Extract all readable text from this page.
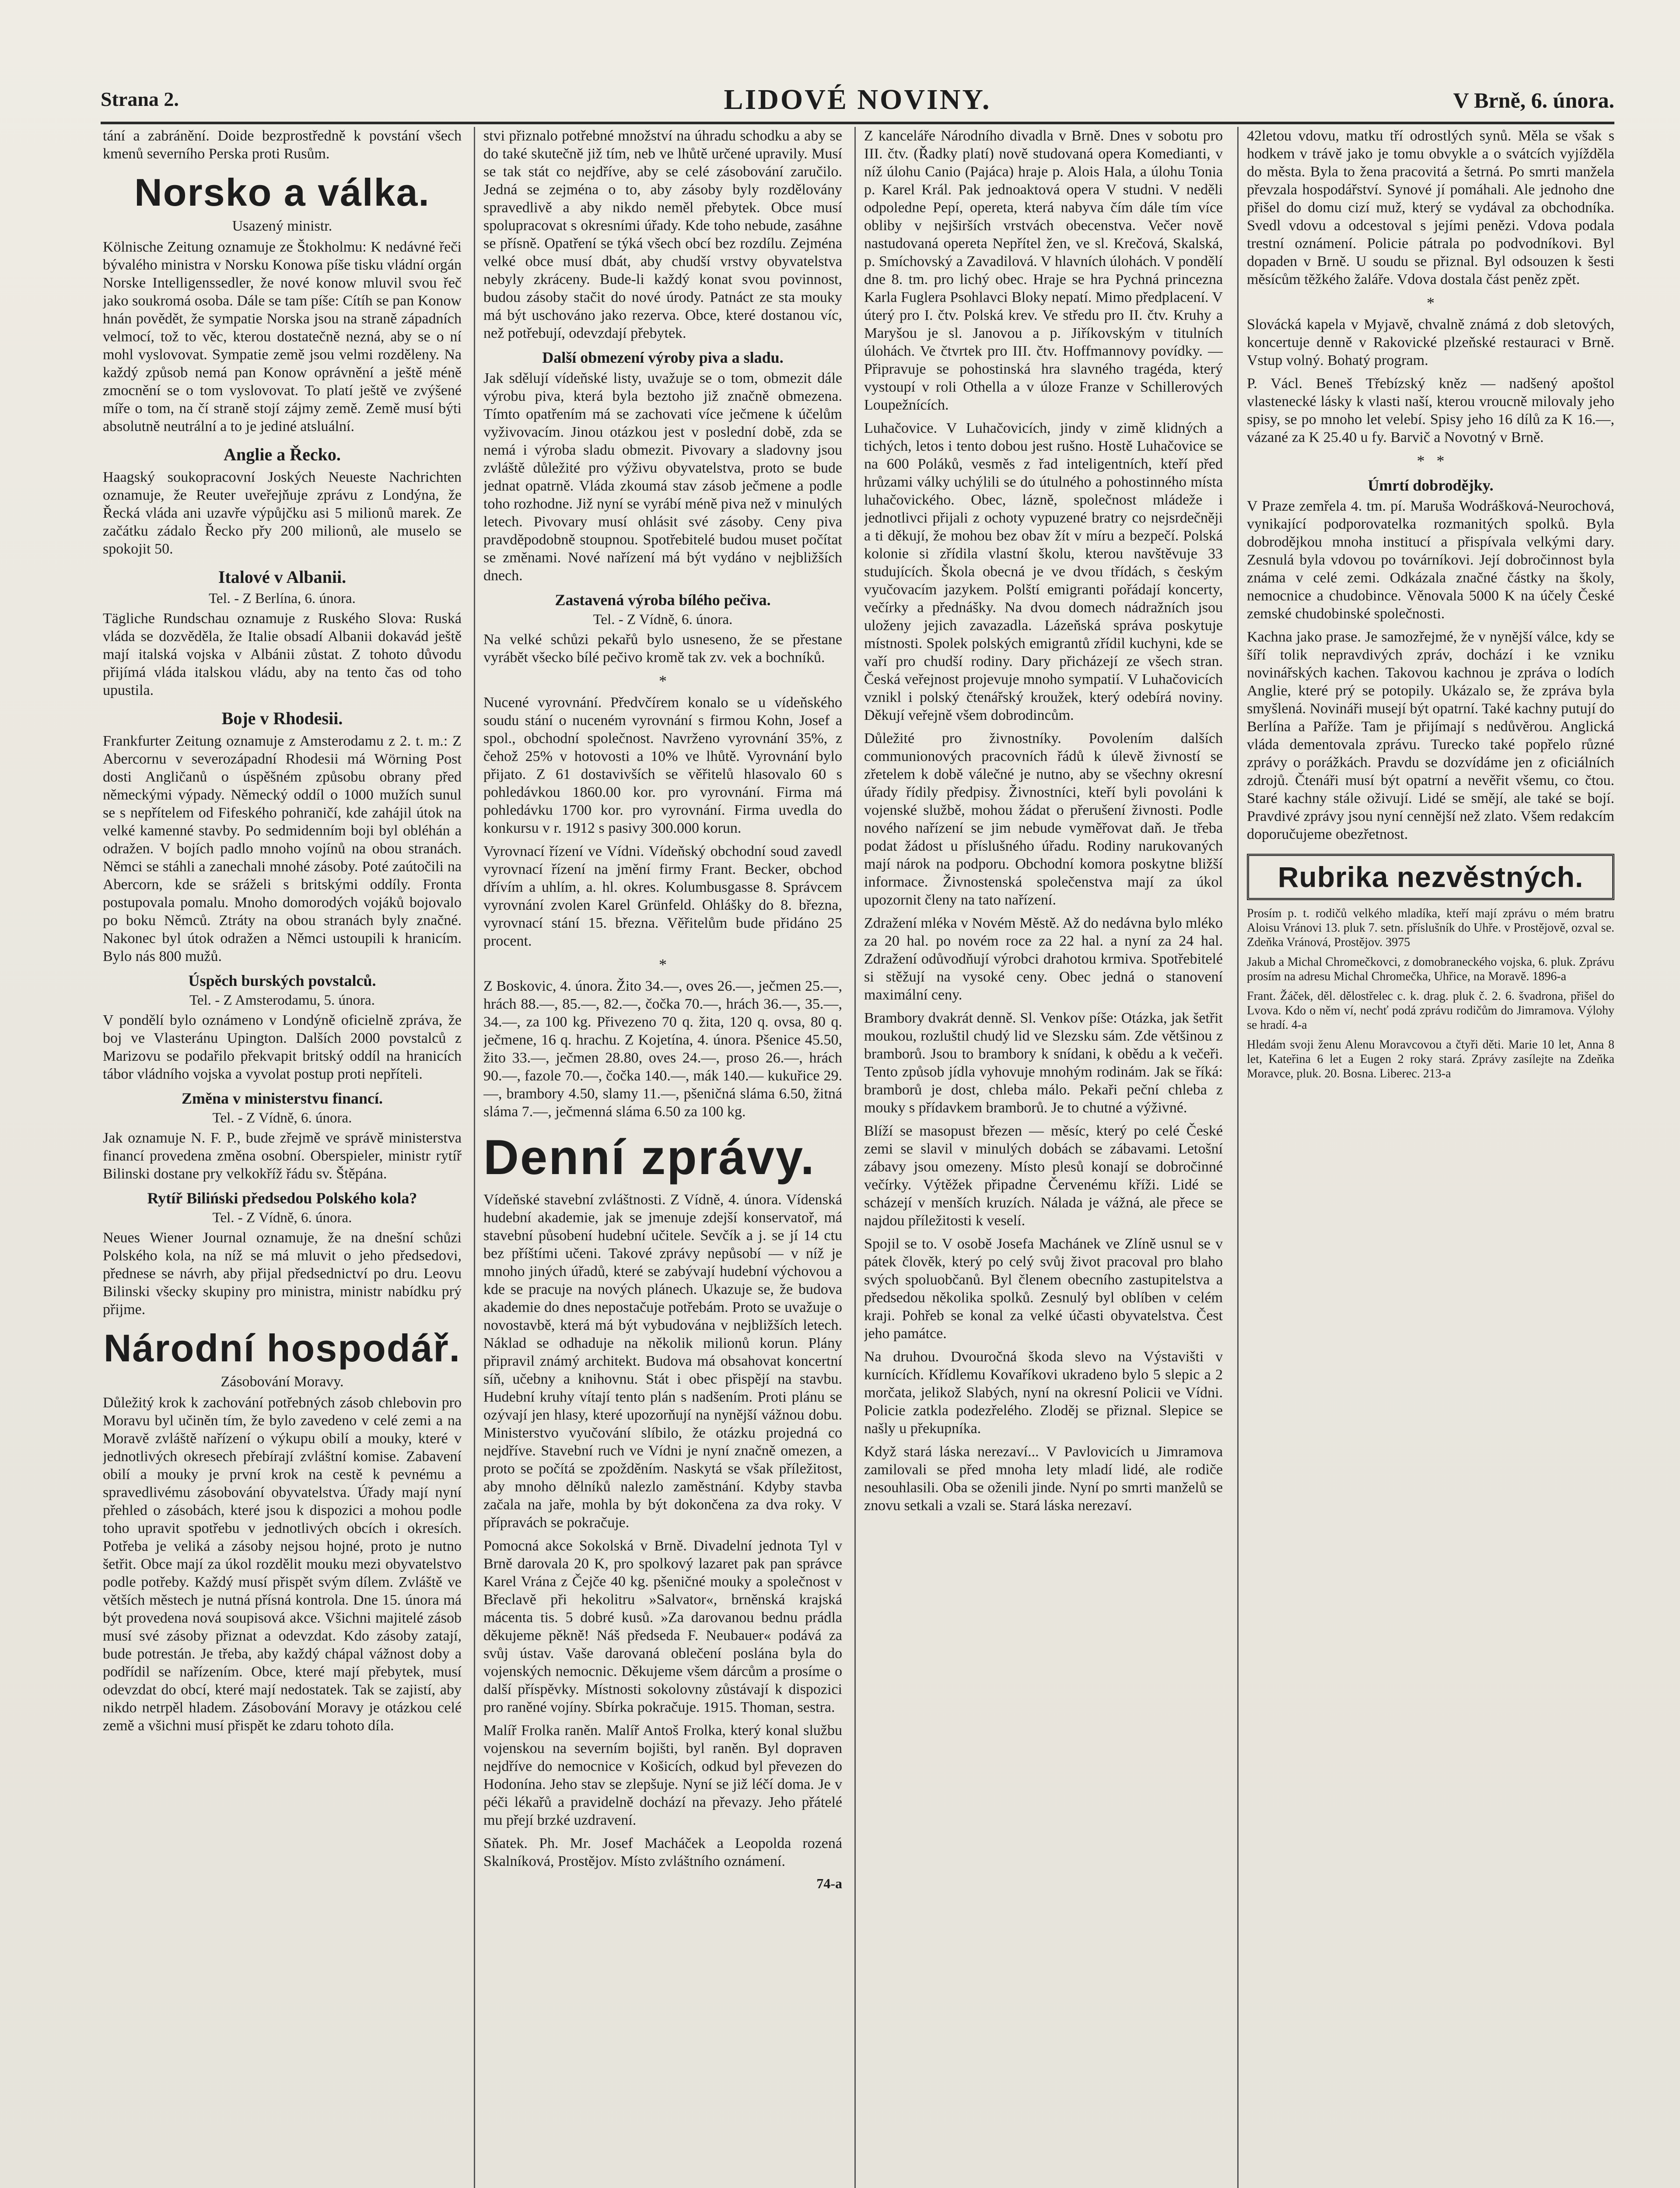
Strana 2.	LIDOVÉ NOVINY.	V Brně, 6. února.

tání a zabránění. Doide bezprostředně k povstání všech kmenů severního Perska proti Rusům.

Norsko a válka.
Usazený ministr.

Kölnische Zeitung oznamuje ze Štokholmu: K nedávné řeči bývalého ministra v Norsku Konowa píše tisku vládní orgán Norske Intelligenssedler, že nové konow mluvil svou řeč jako soukromá osoba. Dále se tam píše: Cítíh se pan Konow hnán povědět, že sympatie Norska jsou na straně západních velmocí, tož to věc, kterou dostatečně nezná, aby se o ní mohl vyslovovat. Sympatie země jsou velmi rozděleny. Na každý způsob nemá pan Konow oprávnění a ještě méně zmocnění se o tom vyslovovat. To platí ještě ve zvýšené míře o tom, na čí straně stojí zájmy země. Země musí býti absolutně neutrální a to je jediné atsluální.

Anglie a Řecko.

Haagský soukopracovní Joských Neueste Nachrichten oznamuje, že Reuter uveřejňuje zprávu z Londýna, že Řecká vláda ani uzavře výpůjčku asi 5 milionů marek. Ze začátku zádalo Řecko přy 200 milionů, ale muselo se spokojit 50.

Italové v Albanii.
Tel. - Z Berlína, 6. února.

Tägliche Rundschau oznamuje z Ruského Slova: Ruská vláda se dozvěděla, že Italie obsadí Albanii dokavád ještě mají italská vojska v Albánii zůstat. Z tohoto důvodu přijímá vláda italskou vládu, aby na tento čas od toho upustila.

Boje v Rhodesii.

Frankfurter Zeitung oznamuje z Amsterodamu z 2. t. m.: Z Abercornu v severozápadní Rhodesii má Wörning Post dosti Angličanů o úspěšném způsobu obrany před německými výpady. Německý oddíl o 1000 mužích sunul se s nepřítelem od Fifeského pohraničí, kde zahájil útok na velké kamenné stavby. Po sedmidenním boji byl obléhán a odražen. V bojích padlo mnoho vojínů na obou stranách. Němci se stáhli a zanechali mnohé zásoby. Poté zaútočili na Abercorn, kde se sráželi s britskými oddíly. Fronta postupovala pomalu. Mnoho domorodých vojáků bojovalo po boku Němců. Ztráty na obou stranách byly značné. Nakonec byl útok odražen a Němci ustoupili k hranicím. Bylo nás 800 mužů.

Úspěch burských povstalců.
Tel. - Z Amsterodamu, 5. února.

V pondělí bylo oznámeno v Londýně oficielně zpráva, že boj ve Vlasteránu Upington. Dalších 2000 povstalců z Marizovu se podařilo překvapit britský oddíl na hranicích tábor vládního vojska a vyvolat postup proti nepříteli.

Změna v ministerstvu financí.
Tel. - Z Vídně, 6. února.

Jak oznamuje N. F. P., bude zřejmě ve správě ministerstva financí provedena změna osobní. Oberspieler, ministr rytíř Bilinski dostane pry velkokříž řádu sv. Štěpána.

Rytíř Biliński předsedou Polského kola?
Tel. - Z Vídně, 6. února.

Neues Wiener Journal oznamuje, že na dnešní schůzi Polského kola, na níž se má mluvit o jeho předsedovi, přednese se návrh, aby přijal předsednictví po dru. Leovu Bilinski všecky skupiny pro ministra, ministr nabídku prý přijme.

Národní hospodář.
Zásobování Moravy.

Důležitý krok k zachování potřebných zásob chlebovin pro Moravu byl učiněn tím, že bylo zavedeno v celé zemi a na Moravě zvláště nařízení o výkupu obilí a mouky, které v jednotlivých okresech přebírají zvláštní komise. Zabavení obilí a mouky je první krok na cestě k pevnému a spravedlivému zásobování obyvatelstva. Úřady mají nyní přehled o zásobách, které jsou k dispozici a mohou podle toho upravit spotřebu v jednotlivých obcích i okresích. Potřeba je veliká a zásoby nejsou hojné, proto je nutno šetřit. Obce mají za úkol rozdělit mouku mezi obyvatelstvo podle potřeby. Každý musí přispět svým dílem. Zvláště ve větších městech je nutná přísná kontrola. Dne 15. února má být provedena nová soupisová akce. Všichni majitelé zásob musí své zásoby přiznat a odevzdat. Kdo zásoby zatají, bude potrestán. Je třeba, aby každý chápal vážnost doby a podřídil se nařízením. Obce, které mají přebytek, musí odevzdat do obcí, které mají nedostatek. Tak se zajistí, aby nikdo netrpěl hladem. Zásobování Moravy je otázkou celé země a všichni musí přispět ke zdaru tohoto díla.

stvi přiznalo potřebné množství na úhradu schodku a aby se do také skutečně již tím, neb ve lhůtě určené upravily. Musí se tak stát co nejdříve, aby se celé zásobování zaručilo. Jedná se zejména o to, aby zásoby byly rozdělovány spravedlivě a aby nikdo neměl přebytek. Obce musí spolupracovat s okresními úřady. Kde toho nebude, zasáhne se přísně. Opatření se týká všech obcí bez rozdílu. Zejména velké obce musí dbát, aby chudší vrstvy obyvatelstva nebyly zkráceny. Bude-li každý konat svou povinnost, budou zásoby stačit do nové úrody. Patnáct ze sta mouky má být uschováno jako rezerva. Obce, které dostanou víc, než potřebují, odevzdají přebytek.

Další obmezení výroby piva a sladu.

Jak sdělují vídeňské listy, uvažuje se o tom, obmezit dále výrobu piva, která byla beztoho již značně obmezena. Tímto opatřením má se zachovati více ječmene k účelům vyživovacím. Jinou otázkou jest v poslední době, zda se nemá i výroba sladu obmezit. Pivovary a sladovny jsou zvláště důležité pro výživu obyvatelstva, proto se bude jednat opatrně. Vláda zkoumá stav zásob ječmene a podle toho rozhodne. Již nyní se vyrábí méně piva než v minulých letech. Pivovary musí ohlásit své zásoby. Ceny piva pravděpodobně stoupnou. Spotřebitelé budou muset počítat se změnami. Nové nařízení má být vydáno v nejbližších dnech.

Zastavená výroba bílého pečiva.
Tel. - Z Vídně, 6. února.

Na velké schůzi pekařů bylo usneseno, že se přestane vyrábět všecko bílé pečivo kromě tak zv. vek a bochníků.

*

Nucené vyrovnání. Předvčírem konalo se u vídeňského soudu stání o nuceném vyrovnání s firmou Kohn, Josef a spol., obchodní společnost. Navrženo vyrovnání 35%, z čehož 25% v hotovosti a 10% ve lhůtě. Vyrovnání bylo přijato. Z 61 dostavivších se věřitelů hlasovalo 60 s pohledávkou 1860.00 kor. pro vyrovnání. Firma má pohledávku 1700 kor. pro vyrovnání. Firma uvedla do konkursu v r. 1912 s pasivy 300.000 korun.

Vyrovnací řízení ve Vídni. Vídeňský obchodní soud zavedl vyrovnací řízení na jmění firmy Frant. Becker, obchod dřívím a uhlím, a. hl. okres. Kolumbusgasse 8. Správcem vyrovnání zvolen Karel Grünfeld. Ohlášky do 8. března, vyrovnací stání 15. března. Věřitelům bude přidáno 25 procent.

*

Z Boskovic, 4. února. Žito 34.—, oves 26.—, ječmen 25.—, hrách 88.—, 85.—, 82.—, čočka 70.—, hrách 36.—, 35.—, 34.—, za 100 kg. Přivezeno 70 q. žita, 120 q. ovsa, 80 q. ječmene, 16 q. hrachu. Z Kojetína, 4. února. Pšenice 45.50, žito 33.—, ječmen 28.80, oves 24.—, proso 26.—, hrách 90.—, fazole 70.—, čočka 140.—, mák 140.— kukuřice 29.—, brambory 4.50, slamy 11.—, pšeničná sláma 6.50, žitná sláma 7.—, ječmenná sláma 6.50 za 100 kg.

Denní zprávy.

Vídeňské stavební zvláštnosti. Z Vídně, 4. února. Vídenská hudební akademie, jak se jmenuje zdejší konservatoř, má stavební působení hudební učitele. Sevčík a j. se jí 14 ctu bez příštími učeni. Takové zprávy nepůsobí — v níž je mnoho jiných úřadů, které se zabývají hudební výchovou a kde se pracuje na nových plánech. Ukazuje se, že budova akademie do dnes nepostačuje potřebám. Proto se uvažuje o novostavbě, která má být vybudována v nejbližších letech. Náklad se odhaduje na několik milionů korun. Plány připravil známý architekt. Budova má obsahovat koncertní síň, učebny a knihovnu. Stát i obec přispějí na stavbu. Hudební kruhy vítají tento plán s nadšením. Proti plánu se ozývají jen hlasy, které upozorňují na nynější vážnou dobu. Ministerstvo vyučování slíbilo, že otázku projedná co nejdříve. Stavební ruch ve Vídni je nyní značně omezen, a proto se počítá se zpožděním. Naskytá se však příležitost, aby mnoho dělníků nalezlo zaměstnání. Kdyby stavba začala na jaře, mohla by být dokončena za dva roky. V přípravách se pokračuje.

Pomocná akce Sokolská v Brně. Divadelní jednota Tyl v Brně darovala 20 K, pro spolkový lazaret pak pan správce Karel Vrána z Čejče 40 kg. pšeničné mouky a společnost v Břeclavě při hekolitru »Salvator«, brněnská krajská mácenta tis. 5 dobré kusů. »Za darovanou bednu prádla děkujeme pěkně! Náš předseda F. Neubauer« podává za svůj ústav. Vaše darovaná oblečení poslána byla do vojenských nemocnic. Děkujeme všem dárcům a prosíme o další příspěvky. Místnosti sokolovny zůstávají k dispozici pro raněné vojíny. Sbírka pokračuje. 1915. Thoman, sestra.

Malíř Frolka raněn. Malíř Antoš Frolka, který konal službu vojenskou na severním bojišti, byl raněn. Byl dopraven nejdříve do nemocnice v Košicích, odkud byl převezen do Hodonína. Jeho stav se zlepšuje. Nyní se již léčí doma. Je v péči lékařů a pravidelně dochází na převazy. Jeho přátelé mu přejí brzké uzdravení.

Sňatek. Ph. Mr. Josef Macháček a Leopolda rozená Skalníková, Prostějov. Místo zvláštního oznámení.

74-a

Z kanceláře Národního divadla v Brně. Dnes v sobotu pro III. čtv. (Řadky platí) nově studovaná opera Komedianti, v níž úlohu Canio (Pajáca) hraje p. Alois Hala, a úlohu Tonia p. Karel Král. Pak jednoaktová opera V studni. V neděli odpoledne Pepí, opereta, která nabyva čím dále tím více obliby v nejširších vrstvách obecenstva. Večer nově nastudovaná opereta Nepřítel žen, ve sl. Krečová, Skalská, p. Smíchovský a Zavadilová. V hlavních úlohách. V pondělí dne 8. tm. pro lichý obec. Hraje se hra Pychná princezna Karla Fuglera Psohlavci Bloky nepatí. Mimo předplacení. V úterý pro I. čtv. Polská krev. Ve středu pro II. čtv. Kruhy a Maryšou je sl. Janovou a p. Jiříkovským v titulních úlohách. Ve čtvrtek pro III. čtv. Hoffmannovy povídky. — Připravuje se pohostinská hra slavného tragéda, který vystoupí v roli Othella a v úloze Franze v Schillerových Loupežnících.

Luhačovice. V Luhačovicích, jindy v zimě klidných a tichých, letos i tento dobou jest rušno. Hostě Luhačovice se na 600 Poláků, vesměs z řad inteligentních, kteří před hrůzami války uchýlili se do útulného a pohostinného místa luhačovického. Obec, lázně, společnost mládeže i jednotlivci přijali z ochoty vypuzené bratry co nejsrdečněji a ti děkují, že mohou bez obav žít v míru a bezpečí. Polská kolonie si zřídila vlastní školu, kterou navštěvuje 33 studujících. Škola obecná je ve dvou třídách, s českým vyučovacím jazykem. Polští emigranti pořádají koncerty, večírky a přednášky. Na dvou domech nádražních jsou uloženy jejich zavazadla. Lázeňská správa poskytuje místnosti. Spolek polských emigrantů zřídil kuchyni, kde se vaří pro chudší rodiny. Dary přicházejí ze všech stran. Česká veřejnost projevuje mnoho sympatií. V Luhačovicích vznikl i polský čtenářský kroužek, který odebírá noviny. Děkují veřejně všem dobrodincům.

Důležité pro živnostníky. Povolením dalších communionových pracovních řádů k úlevě živností se zřetelem k době válečné je nutno, aby se všechny okresní úřady řídily předpisy. Živnostníci, kteří byli povoláni k vojenské službě, mohou žádat o přerušení živnosti. Podle nového nařízení se jim nebude vyměřovat daň. Je třeba podat žádost u příslušného úřadu. Rodiny narukovaných mají nárok na podporu. Obchodní komora poskytne bližší informace. Živnostenská společenstva mají za úkol upozornit členy na tato nařízení.

Zdražení mléka v Novém Městě. Až do nedávna bylo mléko za 20 hal. po novém roce za 22 hal. a nyní za 24 hal. Zdražení odůvodňují výrobci drahotou krmiva. Spotřebitelé si stěžují na vysoké ceny. Obec jedná o stanovení maximální ceny.

Brambory dvakrát denně. Sl. Venkov píše: Otázka, jak šetřit moukou, rozluštil chudý lid ve Slezsku sám. Zde většinou z bramborů. Jsou to brambory k snídani, k obědu a k večeři. Tento způsob jídla vyhovuje mnohým rodinám. Jak se říká: bramborů je dost, chleba málo. Pekaři peční chleba z mouky s přídavkem bramborů. Je to chutné a výživné.

Blíží se masopust březen — měsíc, který po celé České zemi se slavil v minulých dobách se zábavami. Letošní zábavy jsou omezeny. Místo plesů konají se dobročinné večírky. Výtěžek připadne Červenému kříži. Lidé se scházejí v menších kruzích. Nálada je vážná, ale přece se najdou příležitosti k veselí.

Spojil se to. V osobě Josefa Machánek ve Zlíně usnul se v pátek člověk, který po celý svůj život pracoval pro blaho svých spoluobčanů. Byl členem obecního zastupitelstva a předsedou několika spolků. Zesnulý byl oblíben v celém kraji. Pohřeb se konal za velké účasti obyvatelstva. Čest jeho památce.

Na druhou. Dvouročná škoda slevo na Výstavišti v kurnících. Křídlemu Kovaříkovi ukradeno bylo 5 slepic a 2 morčata, jelikož Slabých, nyní na okresní Policii ve Vídni. Policie zatkla podezřelého. Zloděj se přiznal. Slepice se našly u překupníka.

Když stará láska nerezaví... V Pavlovicích u Jimramova zamilovali se před mnoha lety mladí lidé, ale rodiče nesouhlasili. Oba se oženili jinde. Nyní po smrti manželů se znovu setkali a vzali se. Stará láska nerezaví.

42letou vdovu, matku tří odrostlých synů. Měla se však s hodkem v trávě jako je tomu obvykle a o svátcích vyjížděla do města. Byla to žena pracovitá a šetrná. Po smrti manžela převzala hospodářství. Synové jí pomáhali. Ale jednoho dne přišel do domu cizí muž, který se vydával za obchodníka. Svedl vdovu a odcestoval s jejími penězi. Vdova podala trestní oznámení. Policie pátrala po podvodníkovi. Byl dopaden v Brně. U soudu se přiznal. Byl odsouzen k šesti měsícům těžkého žaláře. Vdova dostala část peněz zpět.

*

Slovácká kapela v Myjavě, chvalně známá z dob sletových, koncertuje denně v Rakovické plzeňské restauraci v Brně. Vstup volný. Bohatý program.

P. Václ. Beneš Třebízský kněz — nadšený apoštol vlastenecké lásky k vlasti naší, kterou vroucně milovaly jeho spisy, se po mnoho let velebí. Spisy jeho 16 dílů za K 16.—, vázané za K 25.40 u fy. Barvič a Novotný v Brně.

*   *
Úmrtí dobrodějky.

V Praze zemřela 4. tm. pí. Maruša Wodrášková-Neurochová, vynikající podporovatelka rozmanitých spolků. Byla dobrodějkou mnoha institucí a přispívala velkými dary. Zesnulá byla vdovou po továrníkovi. Její dobročinnost byla známa v celé zemi. Odkázala značné částky na školy, nemocnice a chudobince. Věnovala 5000 K na účely České zemské chudobinské společnosti.

Kachna jako prase. Je samozřejmé, že v nynější válce, kdy se šíří tolik nepravdivých zpráv, dochází i ke vzniku novinářských kachen. Takovou kachnou je zpráva o lodích Anglie, které prý se potopily. Ukázalo se, že zpráva byla smyšlená. Novináři musejí být opatrní. Také kachny putují do Berlína a Paříže. Tam je přijímají s nedůvěrou. Anglická vláda dementovala zprávu. Turecko také popřelo různé zprávy o porážkách. Pravdu se dozvídáme jen z oficiálních zdrojů. Čtenáři musí být opatrní a nevěřit všemu, co čtou. Staré kachny stále oživují. Lidé se smějí, ale také se bojí. Pravdivé zprávy jsou nyní cennější než zlato. Všem redakcím doporučujeme obezřetnost.

Rubrika nezvěstných.

Prosím p. t. rodičů velkého mladíka, kteří mají zprávu o mém bratru Aloisu Vránovi 13. pluk 7. setn. příslušník do Uhře. v Prostějově, ozval se. Zdeňka Vránová, Prostějov. 3975

Jakub a Michal Chromečkovci, z domobraneckého vojska, 6. pluk. Zprávu prosím na adresu Michal Chromečka, Uhřice, na Moravě. 1896-a

Frant. Žáček, děl. dělostřelec c. k. drag. pluk č. 2. 6. švadrona, přišel do Lvova. Kdo o něm ví, nechť podá zprávu rodičům do Jimramova. Výlohy se hradí. 4-a

Hledám svoji ženu Alenu Moravcovou a čtyři děti. Marie 10 let, Anna 8 let, Kateřina 6 let a Eugen 2 roky stará. Zprávy zasílejte na Zdeňka Moravce, pluk. 20. Bosna. Liberec. 213-a
